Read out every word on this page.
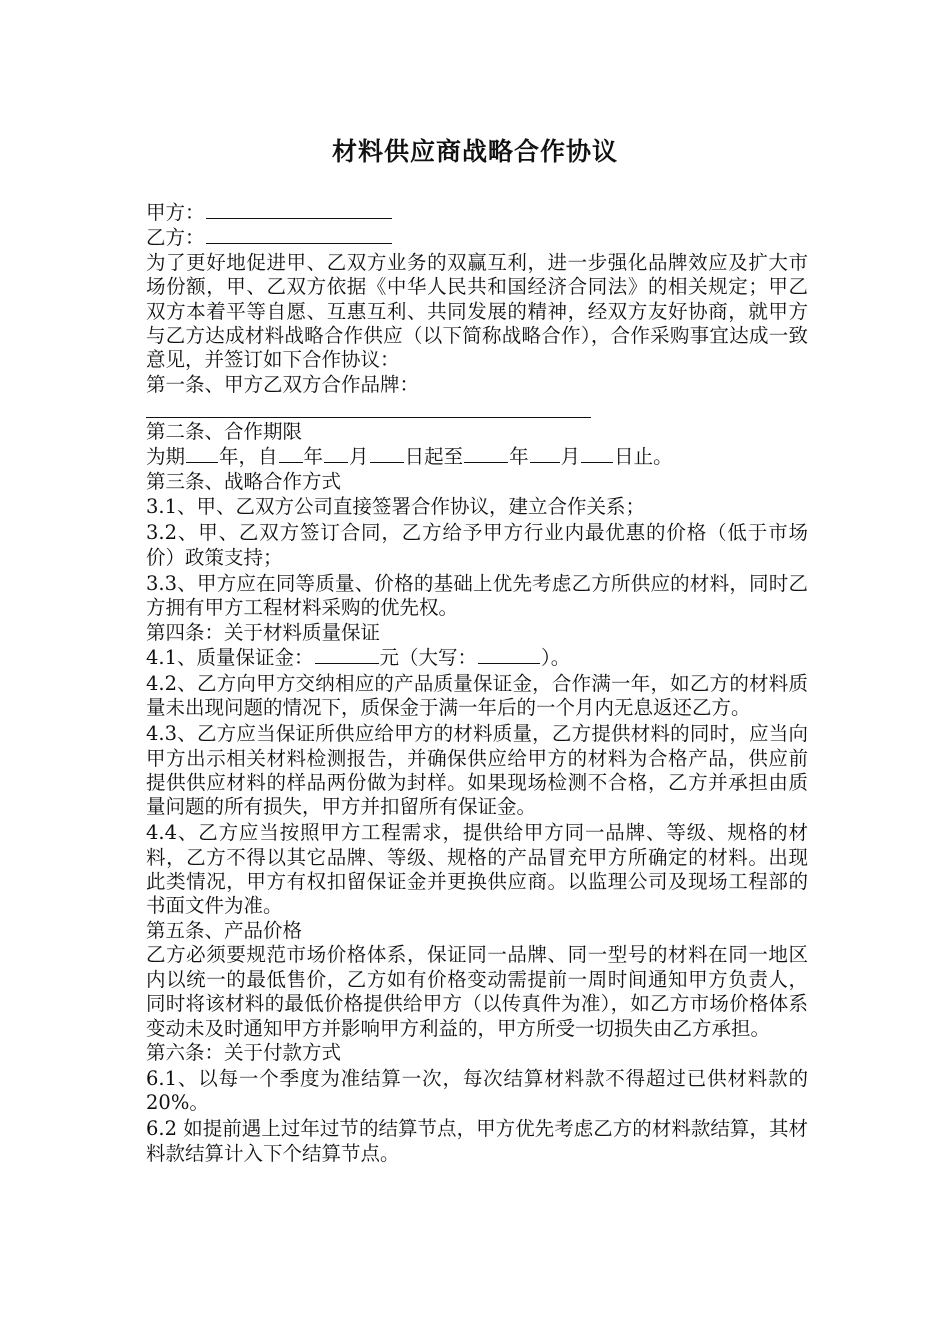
材料供应商战略合作协议

甲方：

乙方：

为了更好地促进甲、乙双方业务的双赢互利，进一步强化品牌效应及扩大市场份额，甲、乙双方依据《中华人民共和国经济合同法》的相关规定；甲乙双方本着平等自愿、互惠互利、共同发展的精神，经双方友好协商，就甲方与乙方达成材料战略合作供应（以下简称战略合作），合作采购事宜达成一致意见，并签订如下合作协议：

第一条、甲方乙双方合作品牌：

第二条、合作期限

为期 年，自 年 月 日起至 年 月 日止。

第三条、战略合作方式

3.1、甲、乙双方公司直接签署合作协议，建立合作关系；

3.2、甲、乙双方签订合同，乙方给予甲方行业内最优惠的价格（低于市场价）政策支持；

3.3、甲方应在同等质量、价格的基础上优先考虑乙方所供应的材料，同时乙方拥有甲方工程材料采购的优先权。

第四条：关于材料质量保证

4.1、质量保证金：	元（大写：	）。

4.2、乙方向甲方交纳相应的产品质量保证金，合作满一年，如乙方的材料质量未出现问题的情况下，质保金于满一年后的一个月内无息返还乙方。

4.3、乙方应当保证所供应给甲方的材料质量，乙方提供材料的同时，应当向甲方出示相关材料检测报告，并确保供应给甲方的材料为合格产品，供应前提供供应材料的样品两份做为封样。如果现场检测不合格，乙方并承担由质量问题的所有损失，甲方并扣留所有保证金。

4.4、乙方应当按照甲方工程需求，提供给甲方同一品牌、等级、规格的材料，乙方不得以其它品牌、等级、规格的产品冒充甲方所确定的材料。出现此类情况，甲方有权扣留保证金并更换供应商。以监理公司及现场工程部的书面文件为准。

第五条、产品价格

乙方必须要规范市场价格体系，保证同一品牌、同一型号的材料在同一地区内以统一的最低售价，乙方如有价格变动需提前一周时间通知甲方负责人，同时将该材料的最低价格提供给甲方（以传真件为准），如乙方市场价格体系变动未及时通知甲方并影响甲方利益的，甲方所受一切损失由乙方承担。

第六条：关于付款方式

6.1、以每一个季度为准结算一次，每次结算材料款不得超过已供材料款的20%。

6.2 如提前遇上过年过节的结算节点，甲方优先考虑乙方的材料款结算，其材料款结算计入下个结算节点。
